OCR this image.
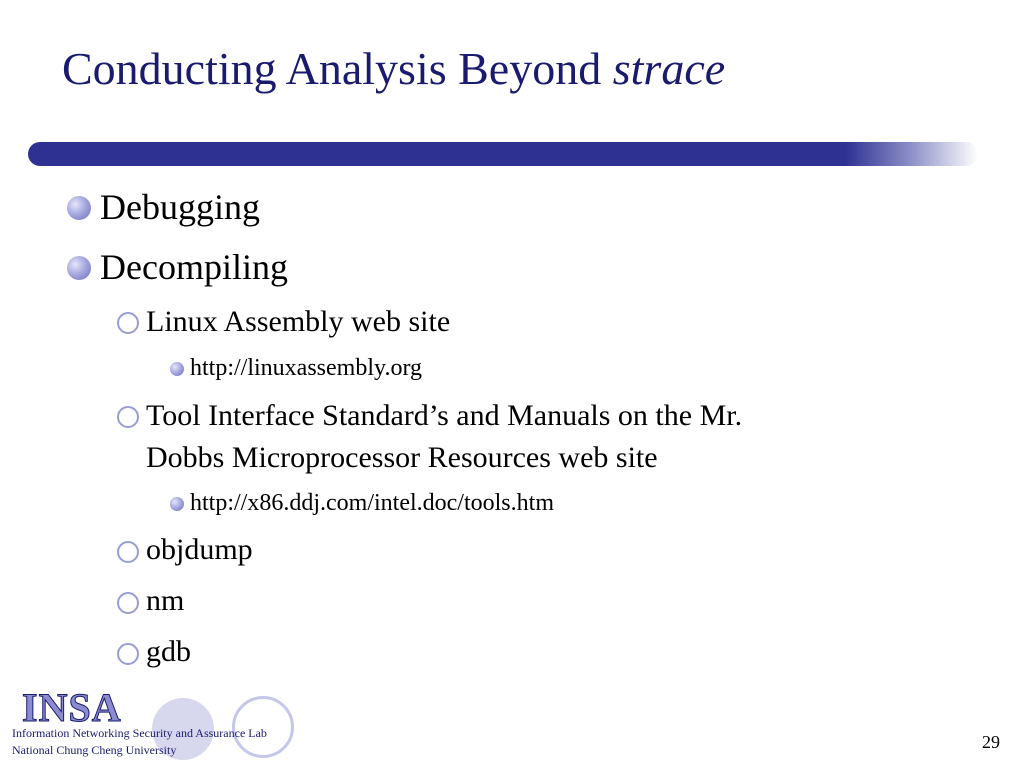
Conducting Analysis Beyond strace
Debugging
Decompiling
Linux Assembly web site
http://linuxassembly.org
Tool Interface Standard’s and Manuals on the Mr.
Dobbs Microprocessor Resources web site
http://x86.ddj.com/intel.doc/tools.htm
objdump
nm
gdb
INSA
Information Networking Security and Assurance Lab
National Chung Cheng University	29
